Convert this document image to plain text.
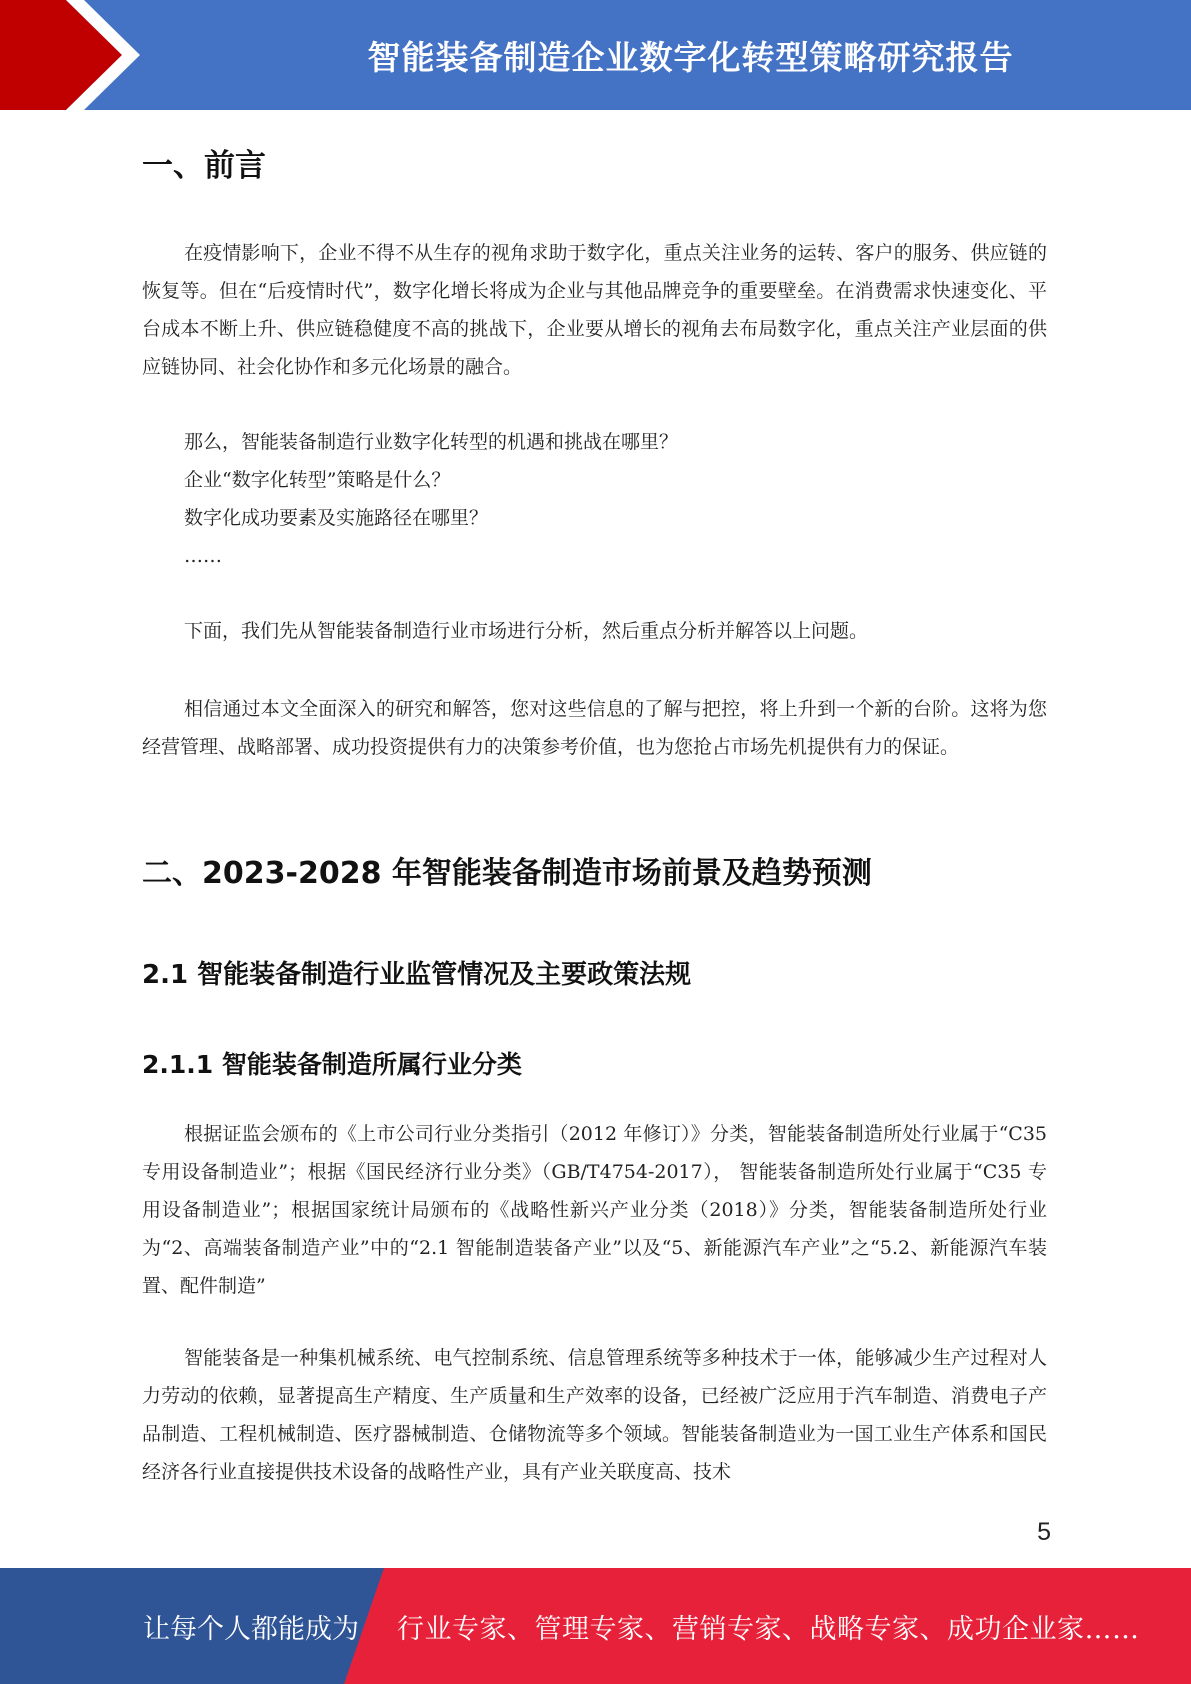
智能装备制造企业数字化转型策略研究报告
一、前言

在疫情影响下，企业不得不从生存的视角求助于数字化，重点关注业务的运转、客户的服务、供应链的恢复等。但在“后疫情时代”，数字化增长将成为企业与其他品牌竞争的重要壁垒。在消费需求快速变化、平台成本不断上升、供应链稳健度不高的挑战下，企业要从增长的视角去布局数字化，重点关注产业层面的供应链协同、社会化协作和多元化场景的融合。

那么，智能装备制造行业数字化转型的机遇和挑战在哪里？
企业“数字化转型”策略是什么？
数字化成功要素及实施路径在哪里？
……

下面，我们先从智能装备制造行业市场进行分析，然后重点分析并解答以上问题。

相信通过本文全面深入的研究和解答，您对这些信息的了解与把控，将上升到一个新的台阶。这将为您经营管理、战略部署、成功投资提供有力的决策参考价值，也为您抢占市场先机提供有力的保证。

二、2023-2028 年智能装备制造市场前景及趋势预测
2.1 智能装备制造行业监管情况及主要政策法规
2.1.1 智能装备制造所属行业分类

根据证监会颁布的《上市公司行业分类指引（2012 年修订）》分类，智能装备制造所处行业属于“C35 专用设备制造业”；根据《国民经济行业分类》（GB/T4754-2017）， 智能装备制造所处行业属于“C35 专用设备制造业”；根据国家统计局颁布的《战略性新兴产业分类（2018）》分类，智能装备制造所处行业为“2、高端装备制造产业”中的“2.1 智能制造装备产业”以及“5、新能源汽车产业”之“5.2、新能源汽车装置、配件制造”

智能装备是一种集机械系统、电气控制系统、信息管理系统等多种技术于一体，能够减少生产过程对人力劳动的依赖，显著提高生产精度、生产质量和生产效率的设备，已经被广泛应用于汽车制造、消费电子产品制造、工程机械制造、医疗器械制造、仓储物流等多个领域。智能装备制造业为一国工业生产体系和国民经济各行业直接提供技术设备的战略性产业，具有产业关联度高、技术

5
让每个人都能成为 行业专家、管理专家、营销专家、战略专家、成功企业家……
